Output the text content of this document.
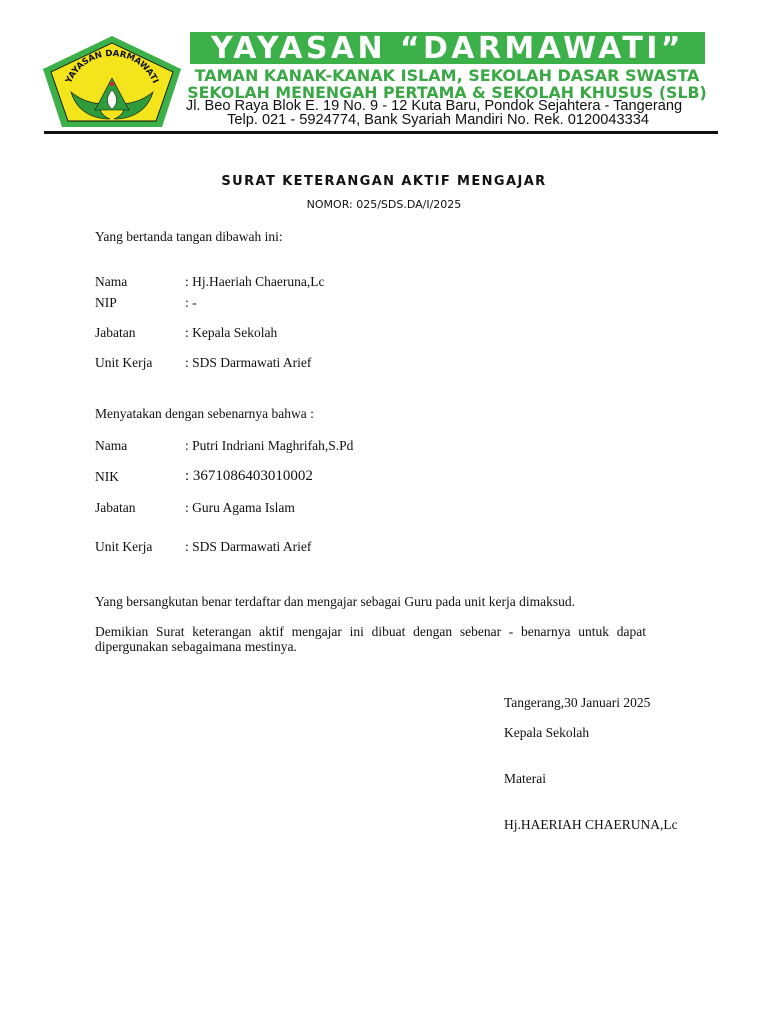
YAYASAN DARMAWATI
YAYASAN “DARMAWATI”
TAMAN KANAK-KANAK ISLAM, SEKOLAH DASAR SWASTA
SEKOLAH MENENGAH PERTAMA & SEKOLAH KHUSUS (SLB)
Jl. Beo Raya Blok E. 19 No. 9 - 12 Kuta Baru, Pondok Sejahtera - Tangerang
Telp. 021 - 5924774, Bank Syariah Mandiri No. Rek. 0120043334
SURAT KETERANGAN AKTIF MENGAJAR
NOMOR: 025/SDS.DA/I/2025
Yang bertanda tangan dibawah ini:
Nama	: Hj.Haeriah Chaeruna,Lc
NIP	: -
Jabatan	: Kepala Sekolah
Unit Kerja : SDS Darmawati Arief
Menyatakan dengan sebenarnya bahwa :
Nama	: Putri Indriani Maghrifah,S.Pd
NIK	: 3671086403010002
Jabatan	: Guru Agama Islam
Unit Kerja : SDS Darmawati Arief
Yang bersangkutan benar terdaftar dan mengajar sebagai Guru pada unit kerja dimaksud.
Demikian Surat keterangan aktif mengajar ini dibuat dengan sebenar - benarnya untuk dapat dipergunakan sebagaimana mestinya.
Tangerang,30 Januari 2025
Kepala Sekolah
Materai
Hj.HAERIAH CHAERUNA,Lc
